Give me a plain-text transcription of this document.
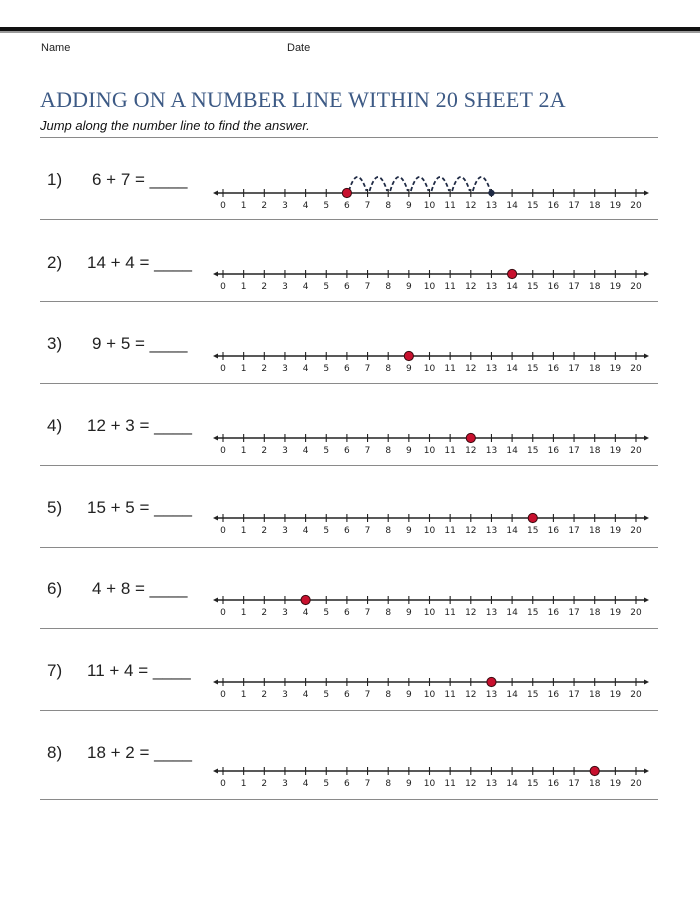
Name	Date
ADDING ON A NUMBER LINE WITHIN 20 SHEET 2A
Jump along the number line to find the answer.
1) 6 + 7 = ____
0 1 2 3 4 5 6 7 8 9 10 11 12 13 14 15 16 17 18 19 20
2) 14 + 4 = ____
0 1 2 3 4 5 6 7 8 9 10 11 12 13 14 15 16 17 18 19 20
3) 9 + 5 = ____
0 1 2 3 4 5 6 7 8 9 10 11 12 13 14 15 16 17 18 19 20
4) 12 + 3 = ____
0 1 2 3 4 5 6 7 8 9 10 11 12 13 14 15 16 17 18 19 20
5) 15 + 5 = ____
0 1 2 3 4 5 6 7 8 9 10 11 12 13 14 15 16 17 18 19 20
6) 4 + 8 = ____
0 1 2 3 4 5 6 7 8 9 10 11 12 13 14 15 16 17 18 19 20
7) 11 + 4 = ____
0 1 2 3 4 5 6 7 8 9 10 11 12 13 14 15 16 17 18 19 20
8) 18 + 2 = ____
0 1 2 3 4 5 6 7 8 9 10 11 12 13 14 15 16 17 18 19 20
